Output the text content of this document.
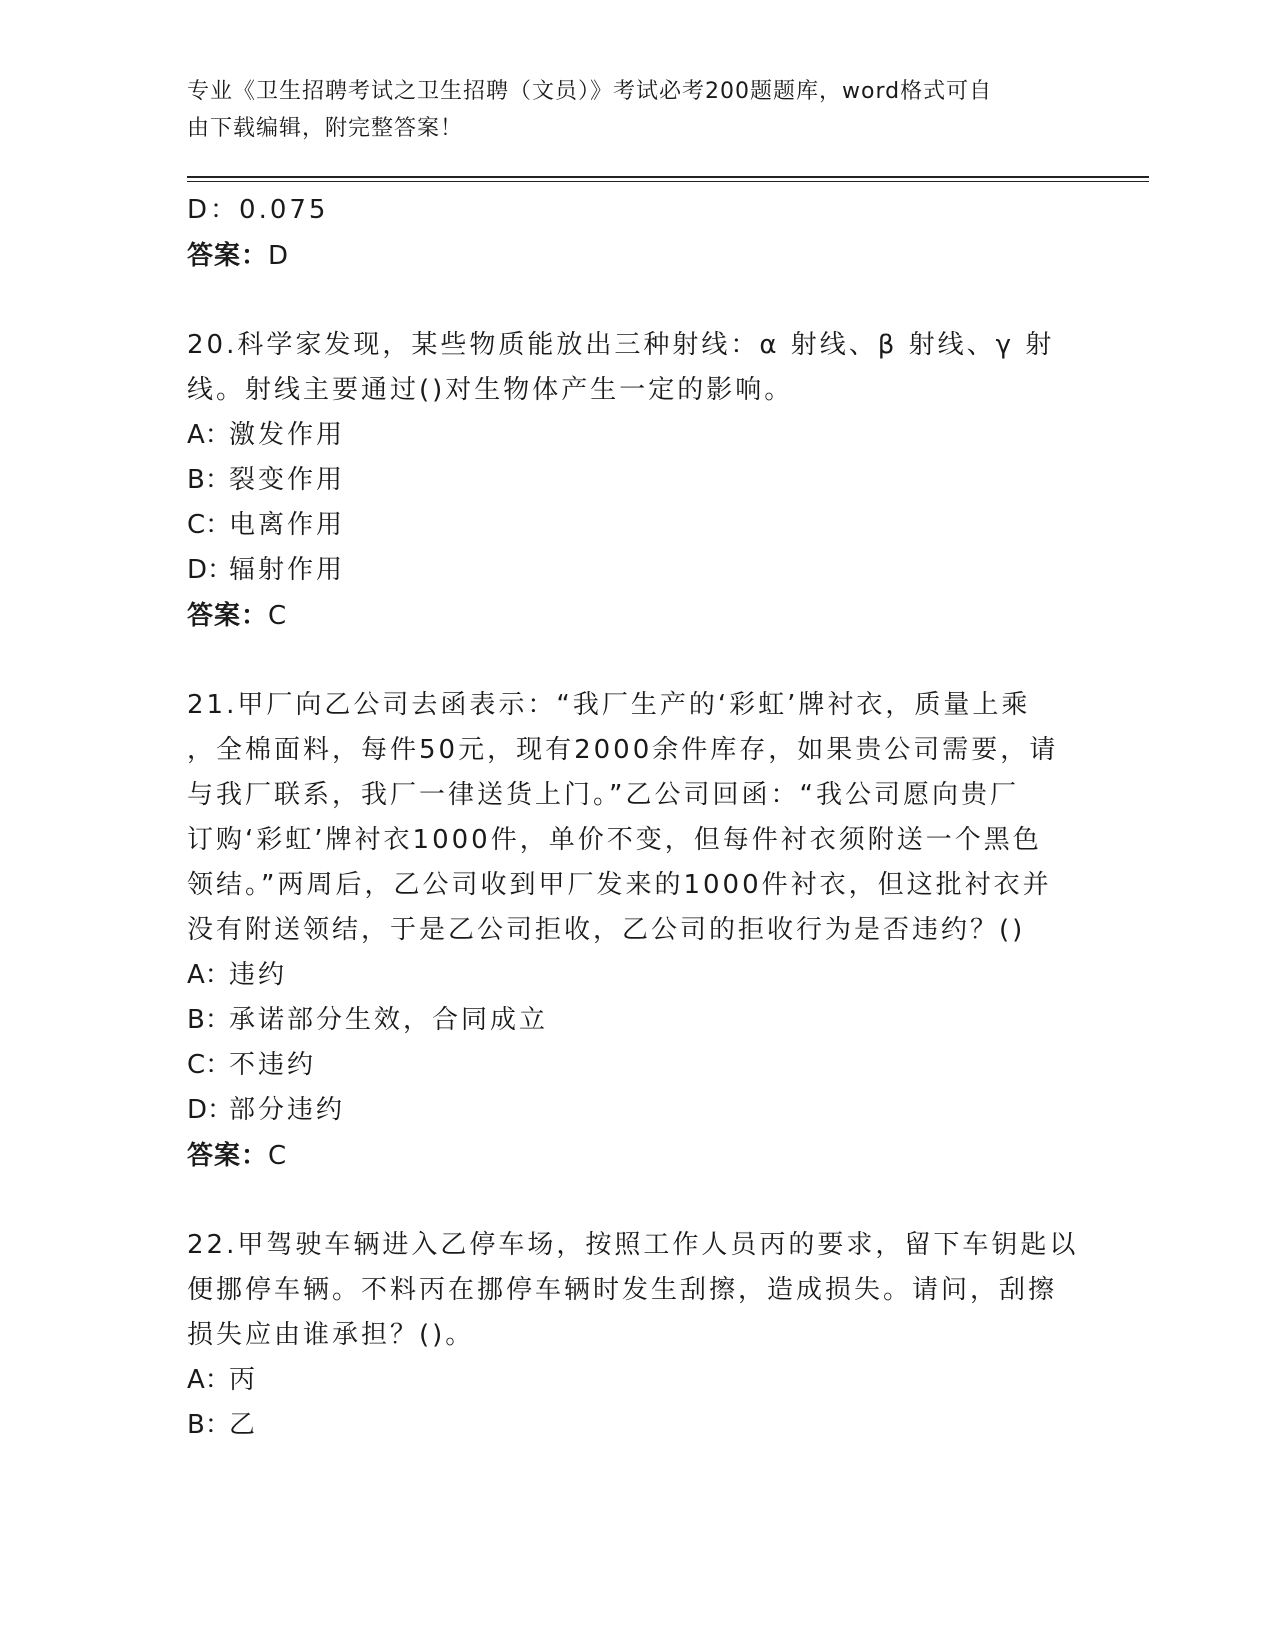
专业《卫生招聘考试之卫生招聘（文员）》考试必考200题题库，word格式可自
由下载编辑，附完整答案！
D：0.075
答案：D
20.科学家发现，某些物质能放出三种射线：α 射线、β 射线、γ 射
线。射线主要通过()对生物体产生一定的影响。
A：激发作用
B：裂变作用
C：电离作用
D：辐射作用
答案：C
21.甲厂向乙公司去函表示：“我厂生产的‘彩虹’牌衬衣，质量上乘
，全棉面料，每件50元，现有2000余件库存，如果贵公司需要，请
与我厂联系，我厂一律送货上门。”乙公司回函：“我公司愿向贵厂
订购‘彩虹’牌衬衣1000件，单价不变，但每件衬衣须附送一个黑色
领结。”两周后，乙公司收到甲厂发来的1000件衬衣，但这批衬衣并
没有附送领结，于是乙公司拒收，乙公司的拒收行为是否违约？()
A：违约
B：承诺部分生效，合同成立
C：不违约
D：部分违约
答案：C
22.甲驾驶车辆进入乙停车场，按照工作人员丙的要求，留下车钥匙以
便挪停车辆。不料丙在挪停车辆时发生刮擦，造成损失。请问，刮擦
损失应由谁承担？()。
A：丙
B：乙
